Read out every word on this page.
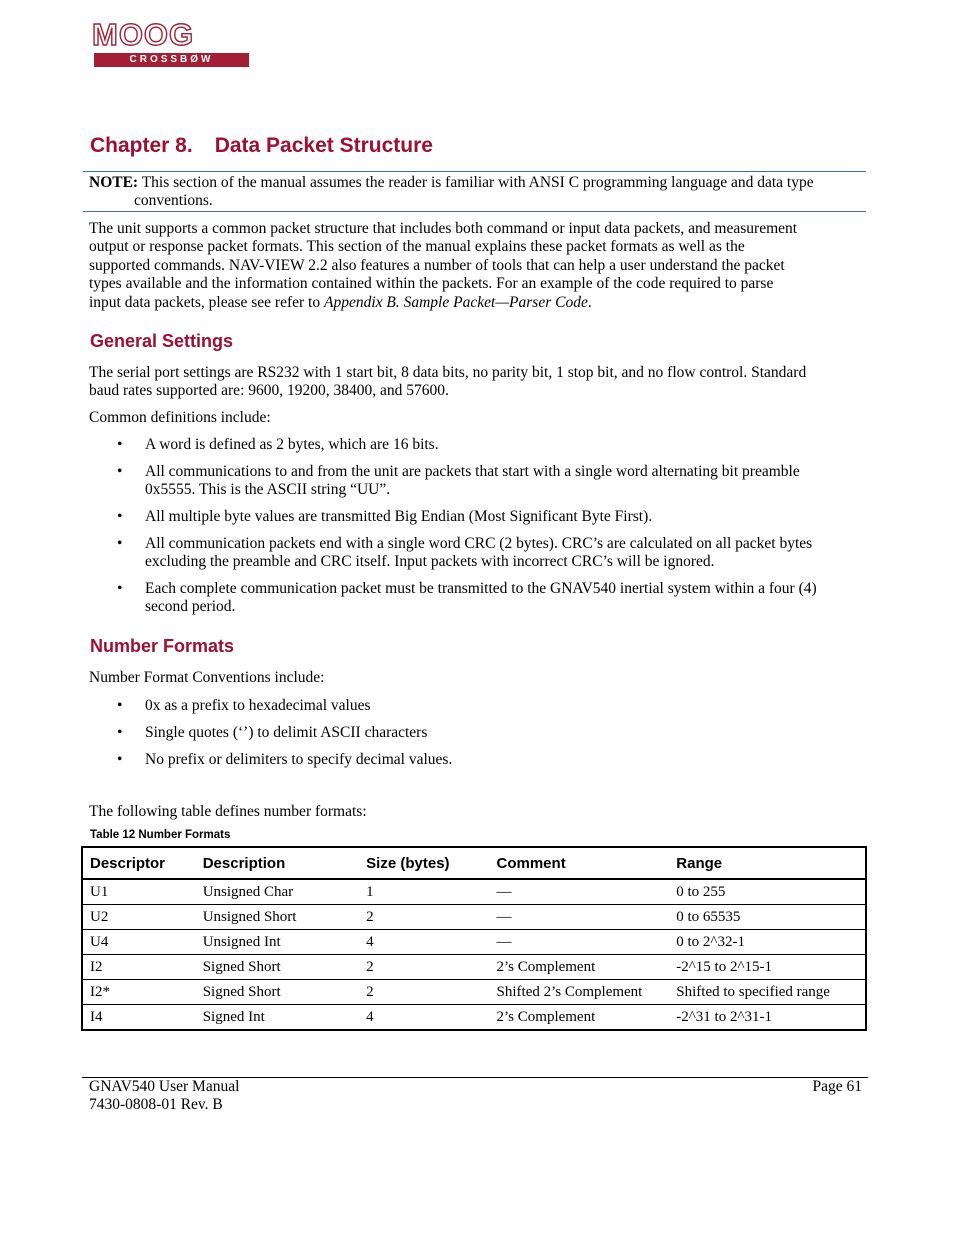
MOOG
CROSSBØW
Chapter 8. Data Packet Structure
NOTE: This section of the manual assumes the reader is familiar with ANSI C programming language and data type
conventions.

The unit supports a common packet structure that includes both command or input data packets, and measurement
output or response packet formats. This section of the manual explains these packet formats as well as the
supported commands. NAV-VIEW 2.2 also features a number of tools that can help a user understand the packet
types available and the information contained within the packets. For an example of the code required to parse
input data packets, please see refer to Appendix B. Sample Packet—Parser Code.

General Settings

The serial port settings are RS232 with 1 start bit, 8 data bits, no parity bit, 1 stop bit, and no flow control. Standard
baud rates supported are: 9600, 19200, 38400, and 57600.

Common definitions include:

• A word is defined as 2 bytes, which are 16 bits.
• All communications to and from the unit are packets that start with a single word alternating bit preamble
0x5555. This is the ASCII string “UU”.
• All multiple byte values are transmitted Big Endian (Most Significant Byte First).
• All communication packets end with a single word CRC (2 bytes). CRC’s are calculated on all packet bytes
excluding the preamble and CRC itself. Input packets with incorrect CRC’s will be ignored.
• Each complete communication packet must be transmitted to the GNAV540 inertial system within a four (4)
second period.
Number Formats

Number Format Conventions include:

• 0x as a prefix to hexadecimal values
• Single quotes (‘’) to delimit ASCII characters
• No prefix or delimiters to specify decimal values.

The following table defines number formats:

Table 12 Number Formats

Descriptor	Description	Size (bytes)	Comment	Range
U1	Unsigned Char	1	—	0 to 255
U2	Unsigned Short	2	—	0 to 65535
U4	Unsigned Int	4	—	0 to 2^32-1
I2	Signed Short	2	2’s Complement	-2^15 to 2^15-1
I2*	Signed Short	2	Shifted 2’s Complement	Shifted to specified range
I4	Signed Int	4	2’s Complement	-2^31 to 2^31-1
GNAV540 User Manual
7430-0808-01 Rev. B
Page 61
